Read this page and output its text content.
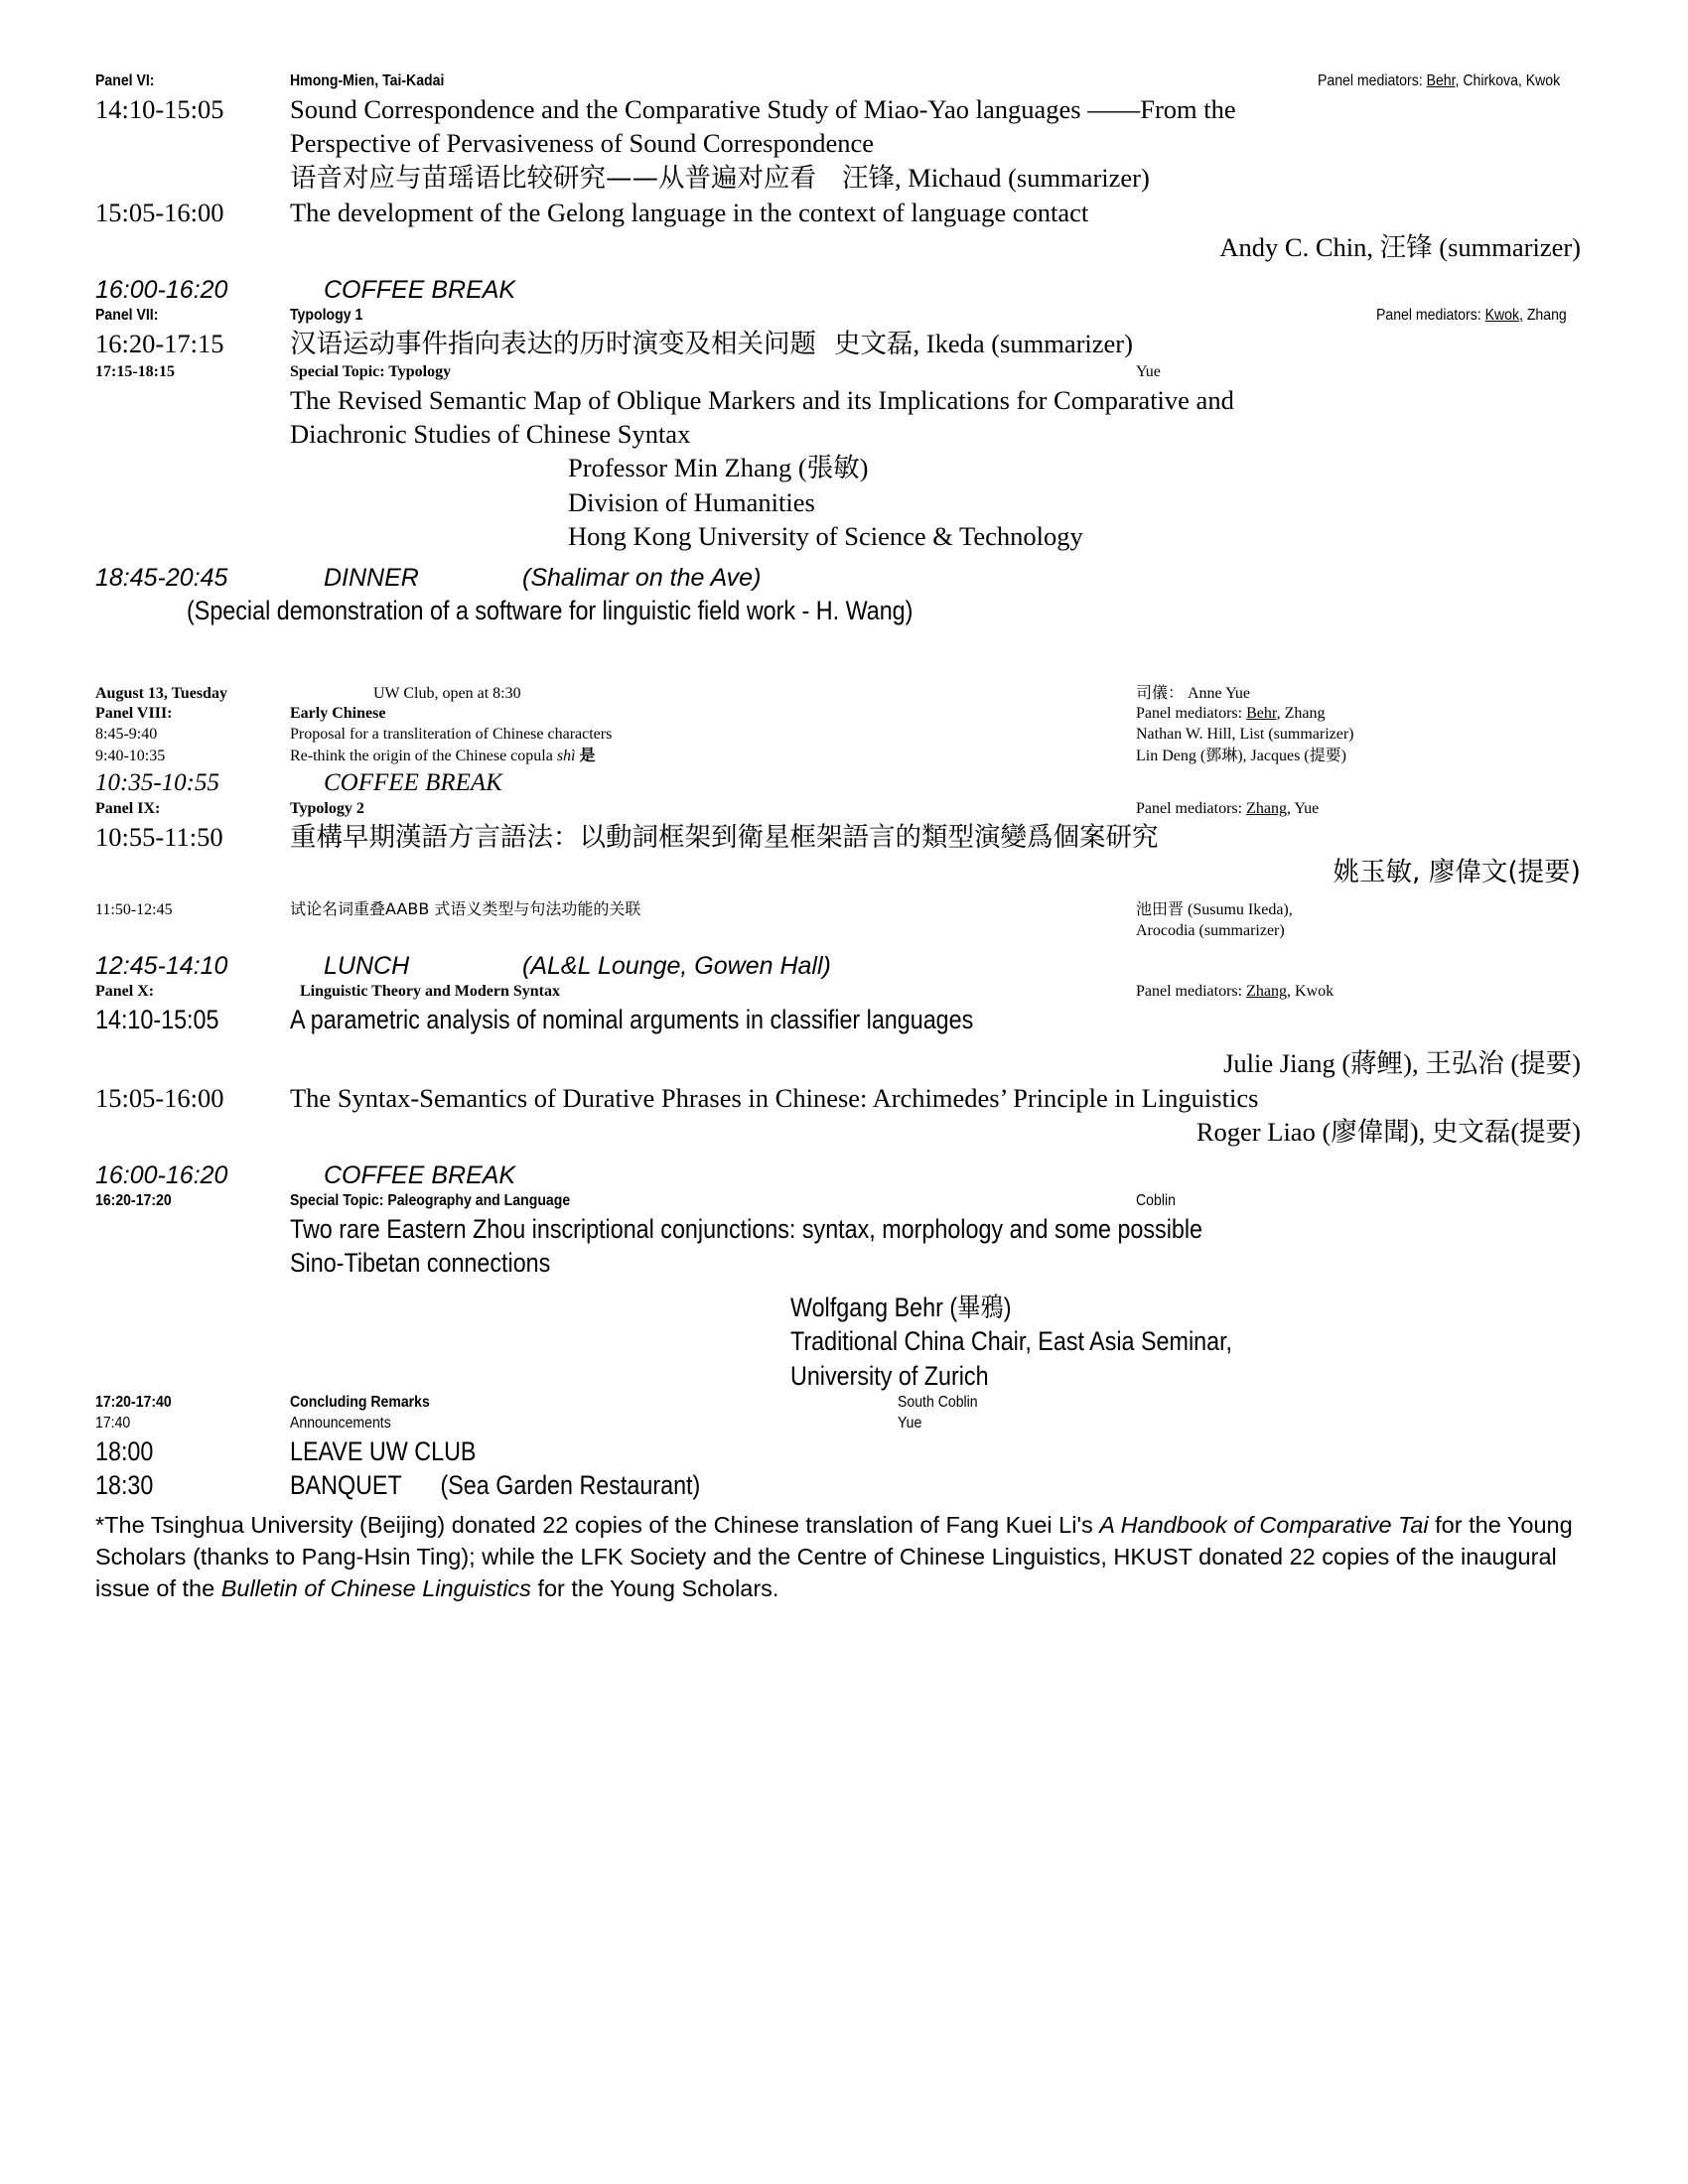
Panel VI:	Hmong-Mien, Tai-Kadai	Panel mediators: Behr, Chirkova, Kwok
14:10-15:05	Sound Correspondence and the Comparative Study of Miao-Yao languages ——From the
Perspective of Pervasiveness of Sound Correspondence
语音对应与苗瑶语比较研究——从普遍对应看 汪锋, Michaud (summarizer)
15:05-16:00	The development of the Gelong language in the context of language contact
Andy C. Chin, 汪锋 (summarizer)
16:00-16:20	COFFEE BREAK
Panel VII:	Typology 1	Panel mediators: Kwok, Zhang
16:20-17:15	汉语运动事件指向表达的历时演变及相关问题 史文磊, Ikeda (summarizer)
17:15-18:15	Special Topic: Typology	Yue
The Revised Semantic Map of Oblique Markers and its Implications for Comparative and
Diachronic Studies of Chinese Syntax
Professor Min Zhang (張敏)
Division of Humanities
Hong Kong University of Science & Technology
18:45-20:45	DINNER	(Shalimar on the Ave)
(Special demonstration of a software for linguistic field work - H. Wang)
August 13, Tuesday	UW Club, open at 8:30	司儀： Anne Yue
Panel VIII:	Early Chinese	Panel mediators: Behr, Zhang
8:45-9:40	Proposal for a transliteration of Chinese characters	Nathan W. Hill, List (summarizer)
9:40-10:35	Re-think the origin of the Chinese copula shì 是	Lin Deng (鄧琳), Jacques (提要)
10:35-10:55	COFFEE BREAK
Panel IX:	Typology 2	Panel mediators: Zhang, Yue
10:55-11:50	重構早期漢語方言語法：以動詞框架到衛星框架語言的類型演變爲個案研究
姚玉敏, 廖偉文(提要)
11:50-12:45	试论名词重叠AABB 式语义类型与句法功能的关联	池田晋 (Susumu Ikeda),
Arocodia (summarizer)
12:45-14:10	LUNCH	(AL&L Lounge, Gowen Hall)
Panel X:	Linguistic Theory and Modern Syntax	Panel mediators: Zhang, Kwok
14:10-15:05	A parametric analysis of nominal arguments in classifier languages
Julie Jiang (蔣鲤), 王弘治 (提要)
15:05-16:00	The Syntax-Semantics of Durative Phrases in Chinese: Archimedes’ Principle in Linguistics
Roger Liao (廖偉聞), 史文磊(提要)
16:00-16:20	COFFEE BREAK
16:20-17:20	Special Topic: Paleography and Language	Coblin
Two rare Eastern Zhou inscriptional conjunctions: syntax, morphology and some possible
Sino-Tibetan connections
Wolfgang Behr (畢鴉) Traditional China Chair, East Asia Seminar, University of Zurich
17:20-17:40	Concluding Remarks	South Coblin
17:40	Announcements	Yue
18:00	LEAVE UW CLUB
18:30	BANQUET (Sea Garden Restaurant)
*The Tsinghua University (Beijing) donated 22 copies of the Chinese translation of Fang Kuei Li's A Handbook of Comparative Tai for the Young Scholars (thanks to Pang-Hsin Ting); while the LFK Society and the Centre of Chinese Linguistics, HKUST donated 22 copies of the inaugural issue of the Bulletin of Chinese Linguistics for the Young Scholars.
